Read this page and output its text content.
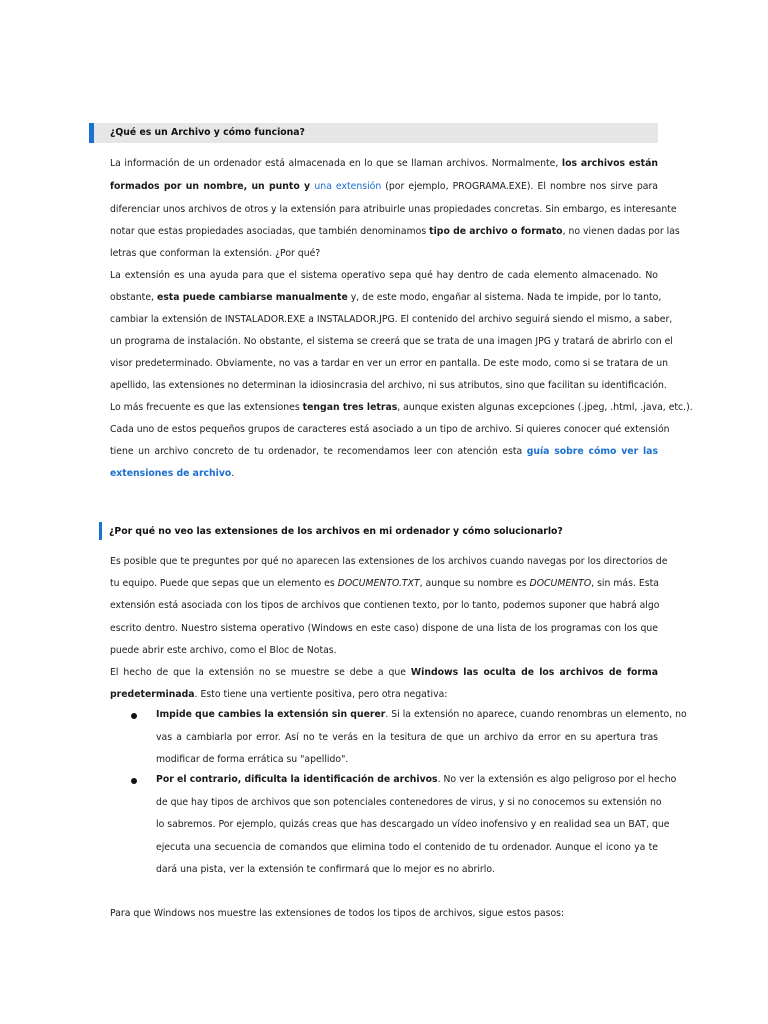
¿Qué es un Archivo y cómo funciona?
La información de un ordenador está almacenada en lo que se llaman archivos. Normalmente, los archivos están
formados por un nombre, un punto y una extensión (por ejemplo, PROGRAMA.EXE). El nombre nos sirve para
diferenciar unos archivos de otros y la extensión para atribuirle unas propiedades concretas. Sin embargo, es interesante
notar que estas propiedades asociadas, que también denominamos tipo de archivo o formato, no vienen dadas por las
letras que conforman la extensión. ¿Por qué?
La extensión es una ayuda para que el sistema operativo sepa qué hay dentro de cada elemento almacenado. No
obstante, esta puede cambiarse manualmente y, de este modo, engañar al sistema. Nada te impide, por lo tanto,
cambiar la extensión de INSTALADOR.EXE a INSTALADOR.JPG. El contenido del archivo seguirá siendo el mismo, a saber,
un programa de instalación. No obstante, el sistema se creerá que se trata de una imagen JPG y tratará de abrirlo con el
visor predeterminado. Obviamente, no vas a tardar en ver un error en pantalla. De este modo, como si se tratara de un
apellido, las extensiones no determinan la idiosincrasia del archivo, ni sus atributos, sino que facilitan su identificación.
Lo más frecuente es que las extensiones tengan tres letras, aunque existen algunas excepciones (.jpeg, .html, .java, etc.).
Cada uno de estos pequeños grupos de caracteres está asociado a un tipo de archivo. Si quieres conocer qué extensión
tiene un archivo concreto de tu ordenador, te recomendamos leer con atención esta guía sobre cómo ver las
extensiones de archivo.
¿Por qué no veo las extensiones de los archivos en mi ordenador y cómo solucionarlo?
Es posible que te preguntes por qué no aparecen las extensiones de los archivos cuando navegas por los directorios de
tu equipo. Puede que sepas que un elemento es DOCUMENTO.TXT, aunque su nombre es DOCUMENTO, sin más. Esta
extensión está asociada con los tipos de archivos que contienen texto, por lo tanto, podemos suponer que habrá algo
escrito dentro. Nuestro sistema operativo (Windows en este caso) dispone de una lista de los programas con los que
puede abrir este archivo, como el Bloc de Notas.
El hecho de que la extensión no se muestre se debe a que Windows las oculta de los archivos de forma
predeterminada. Esto tiene una vertiente positiva, pero otra negativa:
Impide que cambies la extensión sin querer. Si la extensión no aparece, cuando renombras un elemento, no
vas a cambiarla por error. Así no te verás en la tesitura de que un archivo da error en su apertura tras
modificar de forma errática su "apellido".
Por el contrario, dificulta la identificación de archivos. No ver la extensión es algo peligroso por el hecho
de que hay tipos de archivos que son potenciales contenedores de virus, y si no conocemos su extensión no
lo sabremos. Por ejemplo, quizás creas que has descargado un vídeo inofensivo y en realidad sea un BAT, que
ejecuta una secuencia de comandos que elimina todo el contenido de tu ordenador. Aunque el icono ya te
dará una pista, ver la extensión te confirmará que lo mejor es no abrirlo.
Para que Windows nos muestre las extensiones de todos los tipos de archivos, sigue estos pasos:
